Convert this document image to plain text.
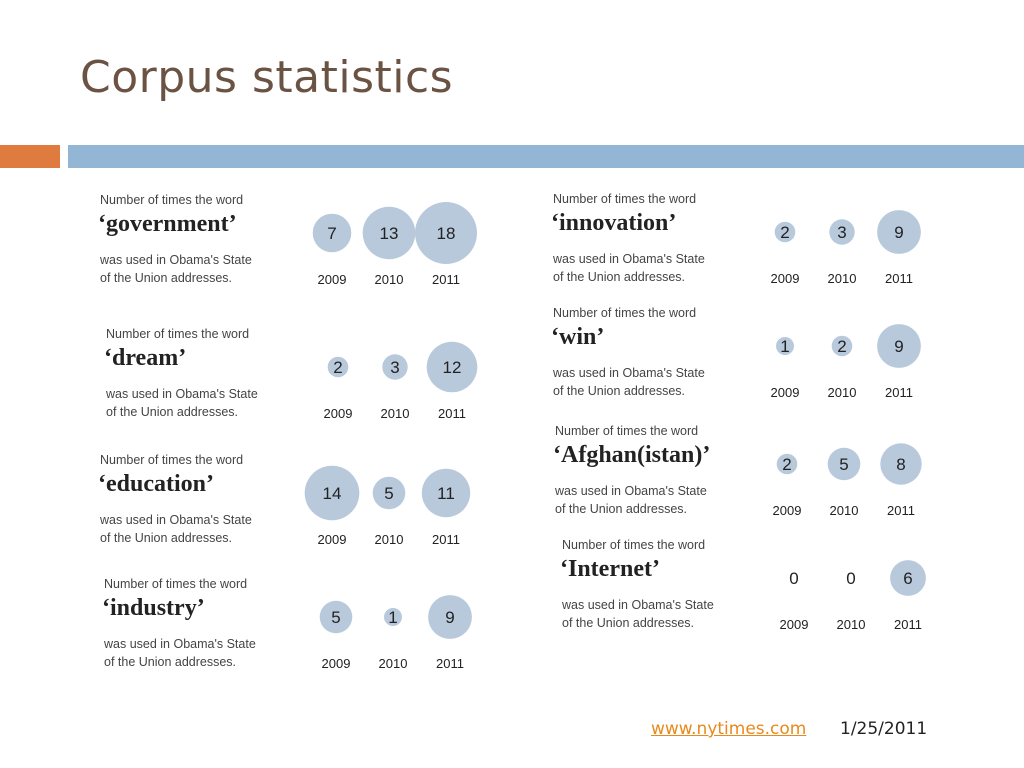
Corpus statistics
Number of times the word
‘government’
was used in Obama's State
of the Union addresses.
7
2009
13
2010
18
2011
Number of times the word
‘dream’
was used in Obama's State
of the Union addresses.
2
2009
3
2010
12
2011
Number of times the word
‘education’
was used in Obama's State
of the Union addresses.
14
2009
5
2010
11
2011
Number of times the word
‘industry’
was used in Obama's State
of the Union addresses.
5
2009
1
2010
9
2011
Number of times the word
‘innovation’
was used in Obama's State
of the Union addresses.
2
2009
3
2010
9
2011
Number of times the word
‘win’
was used in Obama's State
of the Union addresses.
1
2009
2
2010
9
2011
Number of times the word
‘Afghan(istan)’
was used in Obama's State
of the Union addresses.
2
2009
5
2010
8
2011
Number of times the word
‘Internet’
was used in Obama's State
of the Union addresses.
0
2009
0
2010
6
2011
www.nytimes.com 1/25/2011
